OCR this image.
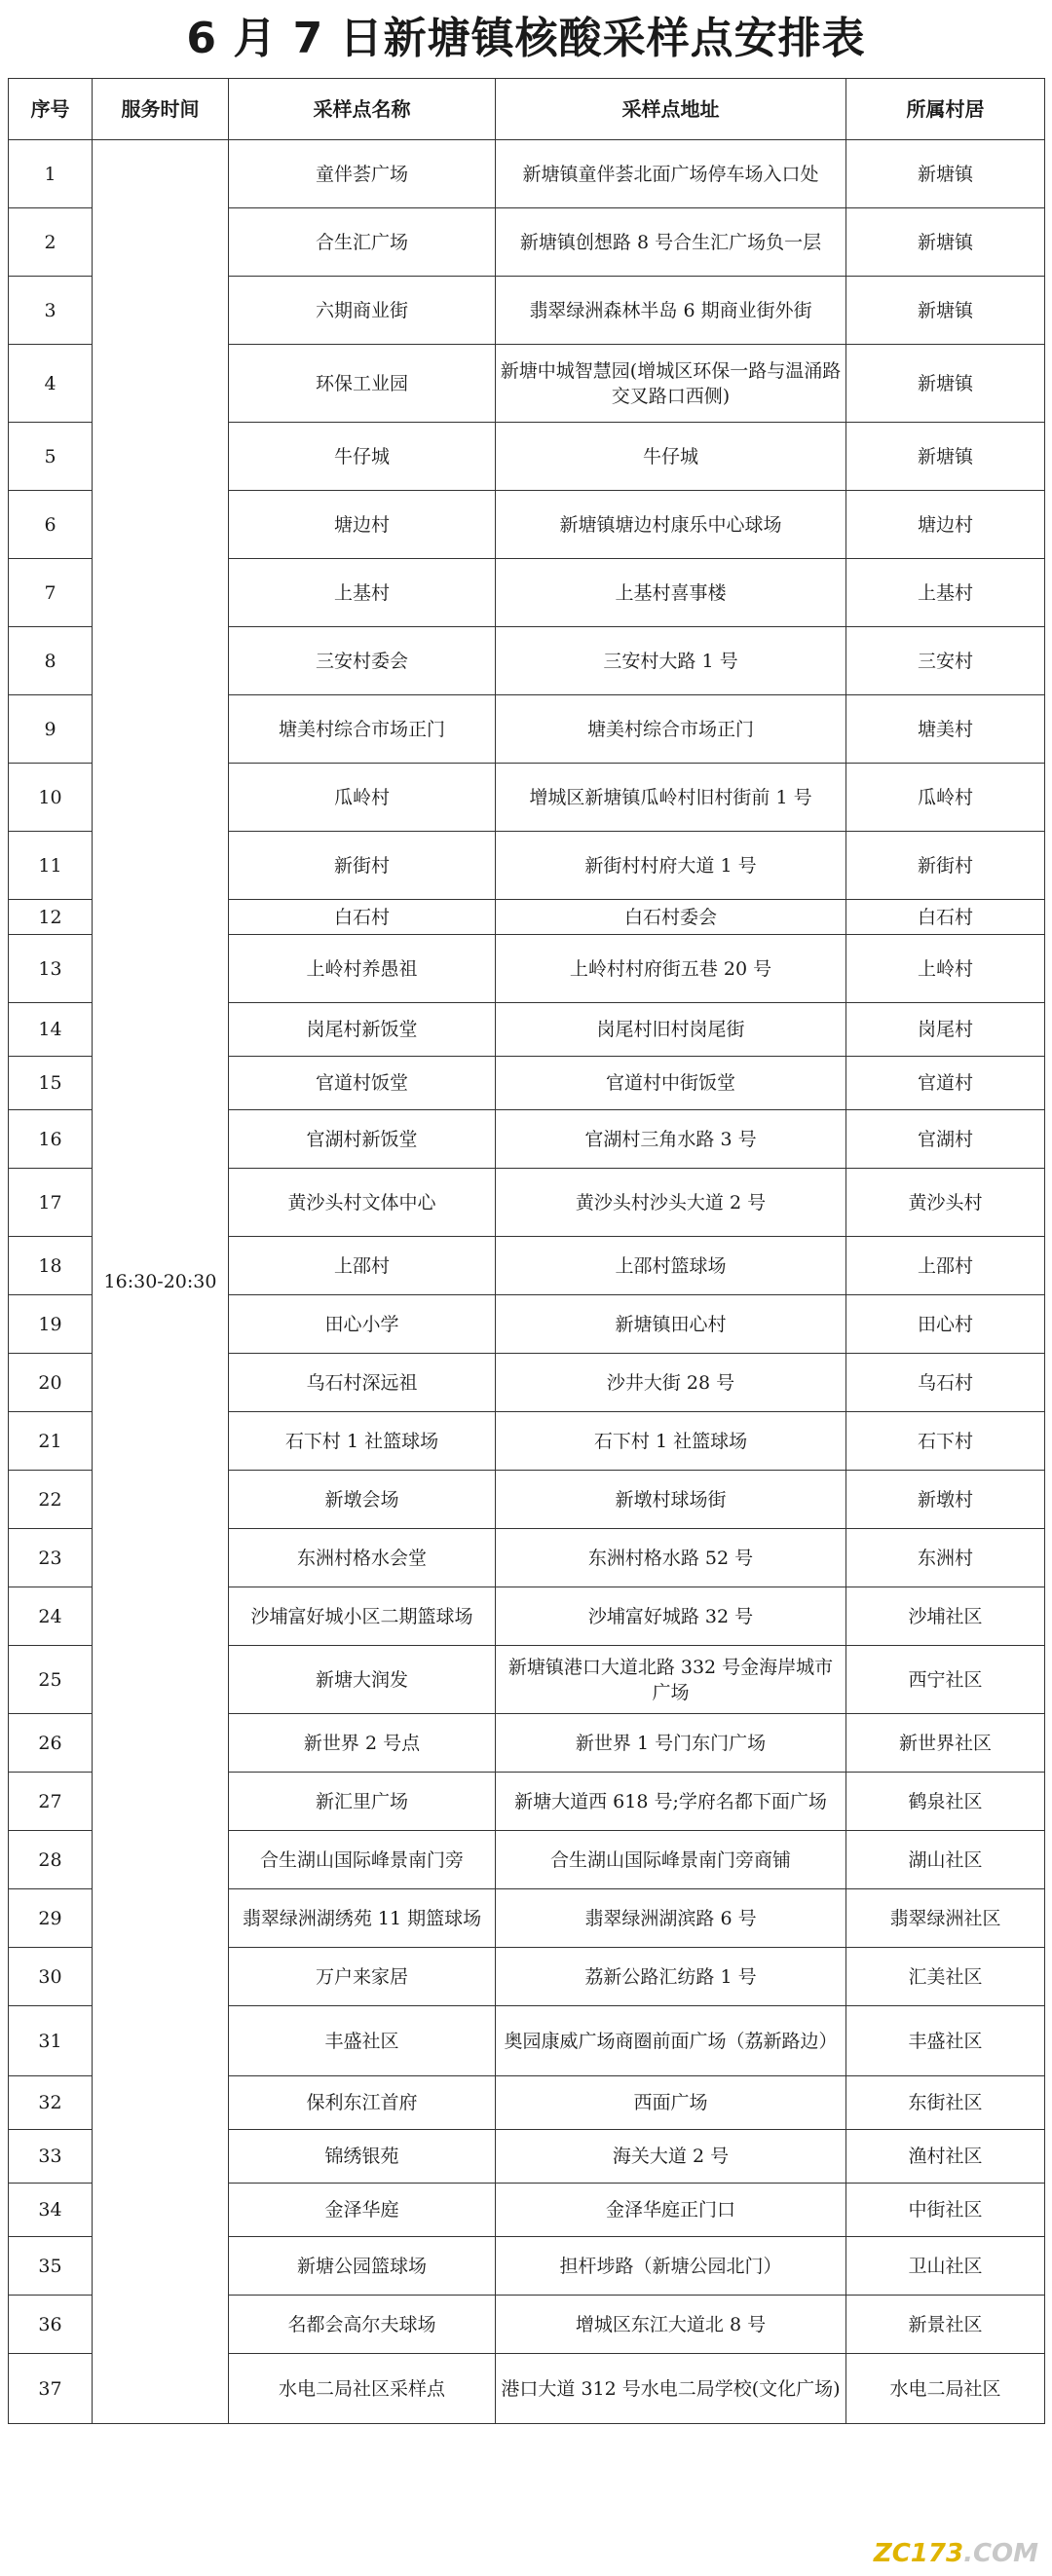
6 月 7 日新塘镇核酸采样点安排表
序号	服务时间	采样点名称	采样点地址	所属村居
1	16:30-20:30	童伴荟广场	新塘镇童伴荟北面广场停车场入口处	新塘镇
2		合生汇广场	新塘镇创想路 8 号合生汇广场负一层	新塘镇
3		六期商业街	翡翠绿洲森林半岛 6 期商业街外街	新塘镇
4		环保工业园	新塘中城智慧园(增城区环保一路与温涌路交叉路口西侧)	新塘镇
5		牛仔城	牛仔城	新塘镇
6		塘边村	新塘镇塘边村康乐中心球场	塘边村
7		上基村	上基村喜事楼	上基村
8		三安村委会	三安村大路 1 号	三安村
9		塘美村综合市场正门	塘美村综合市场正门	塘美村
10		瓜岭村	增城区新塘镇瓜岭村旧村街前 1 号	瓜岭村
11		新街村	新街村村府大道 1 号	新街村
12		白石村	白石村委会	白石村
13		上岭村养愚祖	上岭村村府街五巷 20 号	上岭村
14		岗尾村新饭堂	岗尾村旧村岗尾街	岗尾村
15		官道村饭堂	官道村中街饭堂	官道村
16		官湖村新饭堂	官湖村三角水路 3 号	官湖村
17		黄沙头村文体中心	黄沙头村沙头大道 2 号	黄沙头村
18		上邵村	上邵村篮球场	上邵村
19		田心小学	新塘镇田心村	田心村
20		乌石村深远祖	沙井大街 28 号	乌石村
21		石下村 1 社篮球场	石下村 1 社篮球场	石下村
22		新墩会场	新墩村球场街	新墩村
23		东洲村格水会堂	东洲村格水路 52 号	东洲村
24		沙埔富好城小区二期篮球场	沙埔富好城路 32 号	沙埔社区
25		新塘大润发	新塘镇港口大道北路 332 号金海岸城市广场	西宁社区
26		新世界 2 号点	新世界 1 号门东门广场	新世界社区
27		新汇里广场	新塘大道西 618 号;学府名都下面广场	鹤泉社区
28		合生湖山国际峰景南门旁	合生湖山国际峰景南门旁商铺	湖山社区
29		翡翠绿洲湖绣苑 11 期篮球场	翡翠绿洲湖滨路 6 号	翡翠绿洲社区
30		万户来家居	荔新公路汇纺路 1 号	汇美社区
31		丰盛社区	奥园康威广场商圈前面广场（荔新路边）	丰盛社区
32		保利东江首府	西面广场	东街社区
33		锦绣银苑	海关大道 2 号	渔村社区
34		金泽华庭	金泽华庭正门口	中街社区
35		新塘公园篮球场	担杆埗路（新塘公园北门）	卫山社区
36		名都会高尔夫球场	增城区东江大道北 8 号	新景社区
37		水电二局社区采样点	港口大道 312 号水电二局学校(文化广场)	水电二局社区
ZC173.COM
